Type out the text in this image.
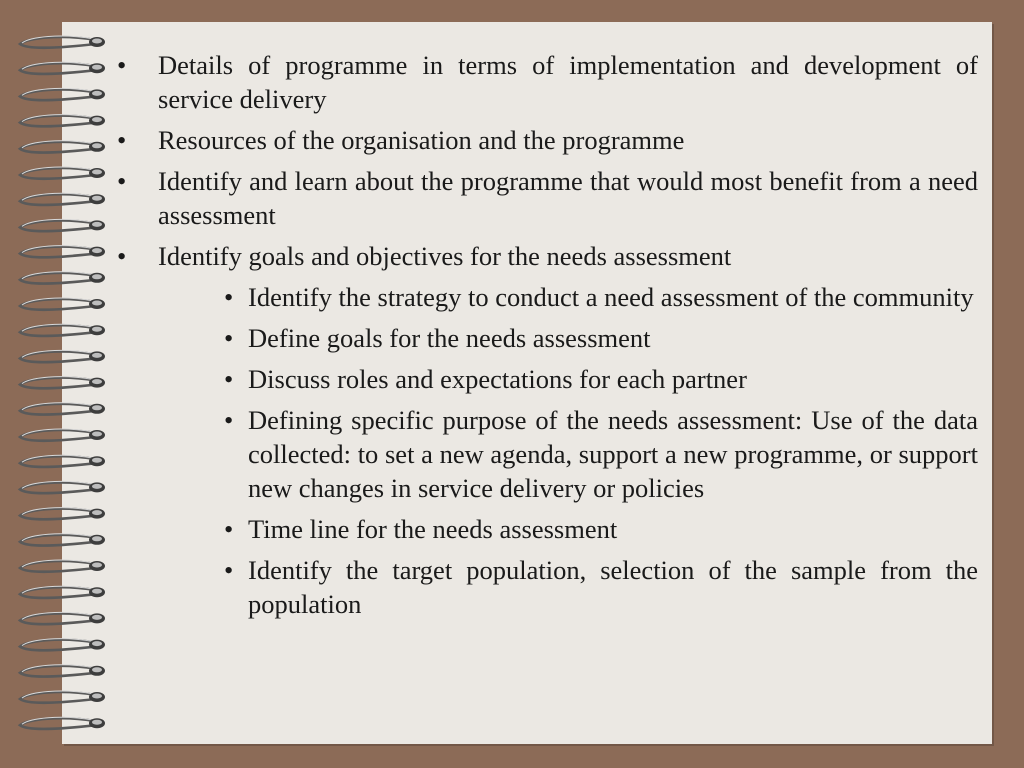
• Details of programme in terms of implementation and development of service delivery
• Resources of the organisation and the programme
• Identify and learn about the programme that would most benefit from a need assessment
• Identify goals and objectives for the needs assessment
• Identify the strategy to conduct a need assessment of the community
• Define goals for the needs assessment
• Discuss roles and expectations for each partner
• Defining specific purpose of the needs assessment: Use of the data collected: to set a new agenda, support a new programme, or support new changes in service delivery or policies
• Time line for the needs assessment
• Identify the target population, selection of the sample from the population
